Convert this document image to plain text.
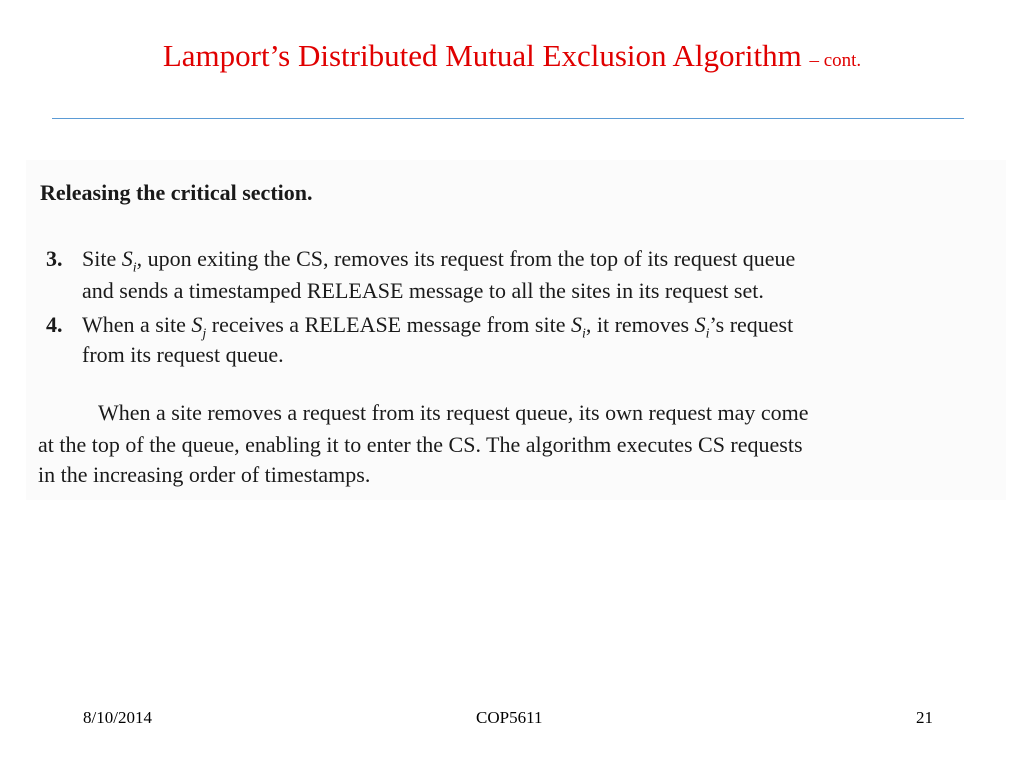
Lamport’s Distributed Mutual Exclusion Algorithm – cont.

Releasing the critical section.
3. Site $S_i$, upon exiting the CS, removes its request from the top of its request queue
and sends a timestamped RELEASE message to all the sites in its request set.
4. When a site $S_j$ receives a RELEASE message from site $S_i$, it removes $S_i’s$ request
from its request queue.
When a site removes a request from its request queue, its own request may come
at the top of the queue, enabling it to enter the CS. The algorithm executes CS requests
in the increasing order of timestamps.
8/10/2014	COP5611	21
